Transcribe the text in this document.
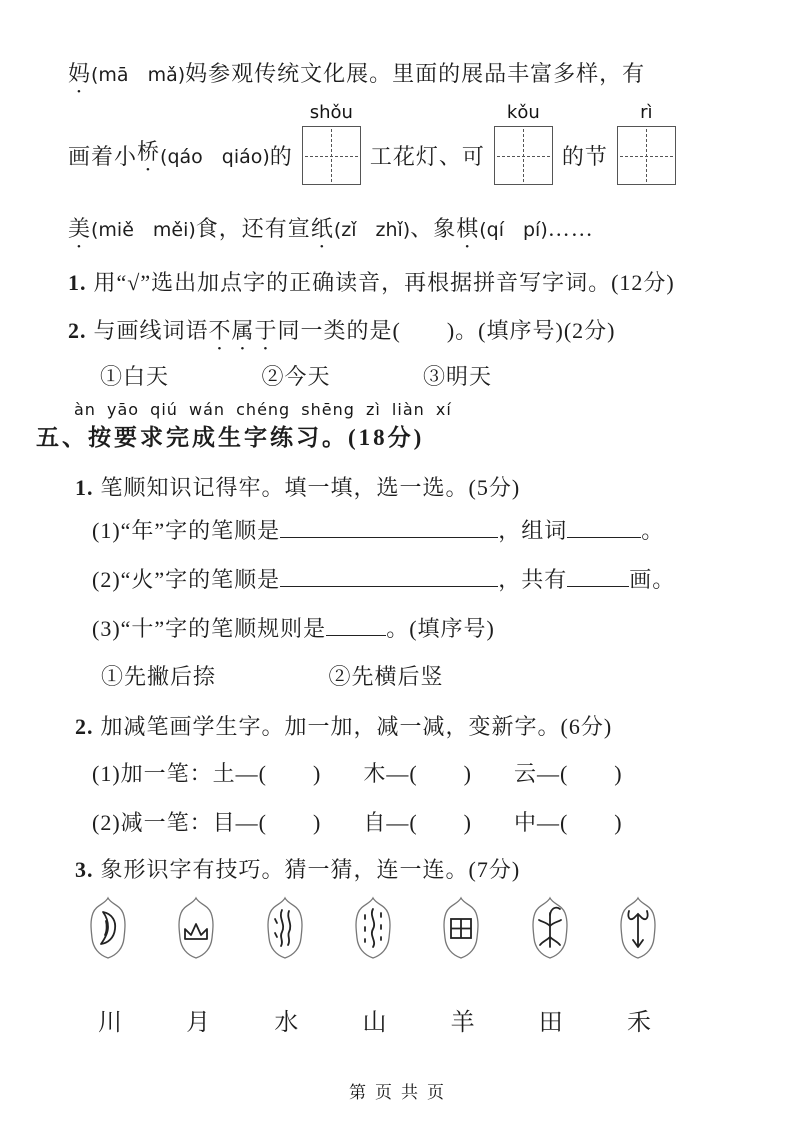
妈(mā　mǎ)妈参观传统文化展。里面的展品丰富多样，有
画着小 桥 (qáo　qiáo) 的
shǒu
工花灯、可
kǒu
的节
rì
美(miě　měi)食，还有宣纸(zǐ　zhǐ)、象棋(qí　pí)……
1. 用“√”选出加点字的正确读音，再根据拼音写字词。(12分)
2. 与画线词语不属于同一类的是(　　)。(填序号)(2分)
①白天	②今天	③明天
àn yāo qiú wán chéng shēng zì liàn xí
五、按要求完成生字练习。(18分)
1. 笔顺知识记得牢。填一填，选一选。(5分)
(1)“年”字的笔顺是	，组词	。
(2)“火”字的笔顺是	，共有	画。
(3)“十”字的笔顺规则是	。(填序号)
①先撇后捺	②先横后竖
2. 加减笔画学生字。加一加，减一减，变新字。(6分)
(1)加一笔：土—(　　) 木—(　　) 云—(　　)
(2)减一笔：目—(　　) 自—(　　) 中—(　　)
3. 象形识字有技巧。猜一猜，连一连。(7分)
川	月	水	山	羊	田	禾
第页共页
